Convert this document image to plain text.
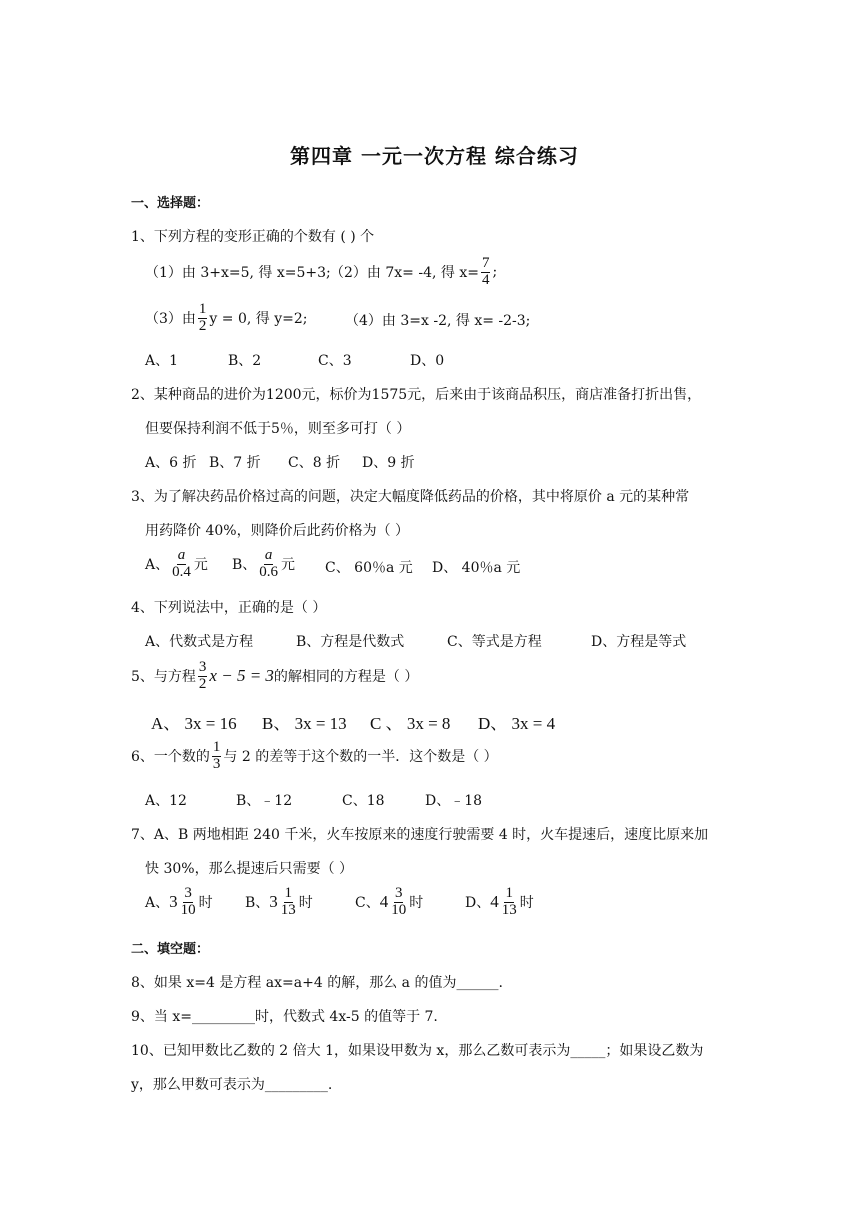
第四章 一元一次方程 综合练习
一、选择题：
1、下列方程的变形正确的个数有 ( ) 个
（1）由 3+x=5, 得 x=5+3; （2）由 7x= -4, 得 $x= \frac{7}{4}$ ;
（3）由 $\frac{1}{2}$ y = 0, 得 y=2;	（4）由 3=x -2, 得 x= -2-3;
A、1	B、2	C、3	D、0
2、某种商品的进价为1200元，标价为1575元，后来由于该商品积压，商店准备打折出售，
但要保持利润不低于5％，则至多可打（ ）
A、6 折 B、7 折 C、8 折 D、9 折
3、为了解决药品价格过高的问题，决定大幅度降低药品的价格，其中将原价 a 元的某种常
用药降价 40%，则降价后此药价格为（ ）
A、 $\frac{a}{0.4}$ 元 B、 $\frac{a}{0.6}$ 元 C、 60％a 元 D、 40％a 元
4、下列说法中，正确的是（ ）
A、代数式是方程	B、方程是代数式	C、等式是方程	D、方程是等式
5、与方程 $\frac{3}{2}$ x − 5 = 3 的解相同的方程是（ ）
A、 3x = 16 B、 3x = 13 C 、 3x = 8 D、 3x = 4
6、一个数的 $\frac{1}{3}$ 与 2 的差等于这个数的一半．这个数是（ ）
A、12	B、﹣12	C、18	D、﹣18
7、A、B 两地相距 240 千米，火车按原来的速度行驶需要 4 时，火车提速后，速度比原来加
快 30%，那么提速后只需要（ ）
A、 $3 \frac{3}{10}$ 时 B、 $3 \frac{1}{13}$ 时	C、 $4 \frac{3}{10}$ 时	D、 $4 \frac{1}{13}$ 时
二、填空题：
8、如果 x=4 是方程 ax=a+4 的解，那么 a 的值为______.
9、当 x=_________时，代数式 4x-5 的值等于 7.
10、已知甲数比乙数的 2 倍大 1，如果设甲数为 x，那么乙数可表示为_____；如果设乙数为
y，那么甲数可表示为_________.
